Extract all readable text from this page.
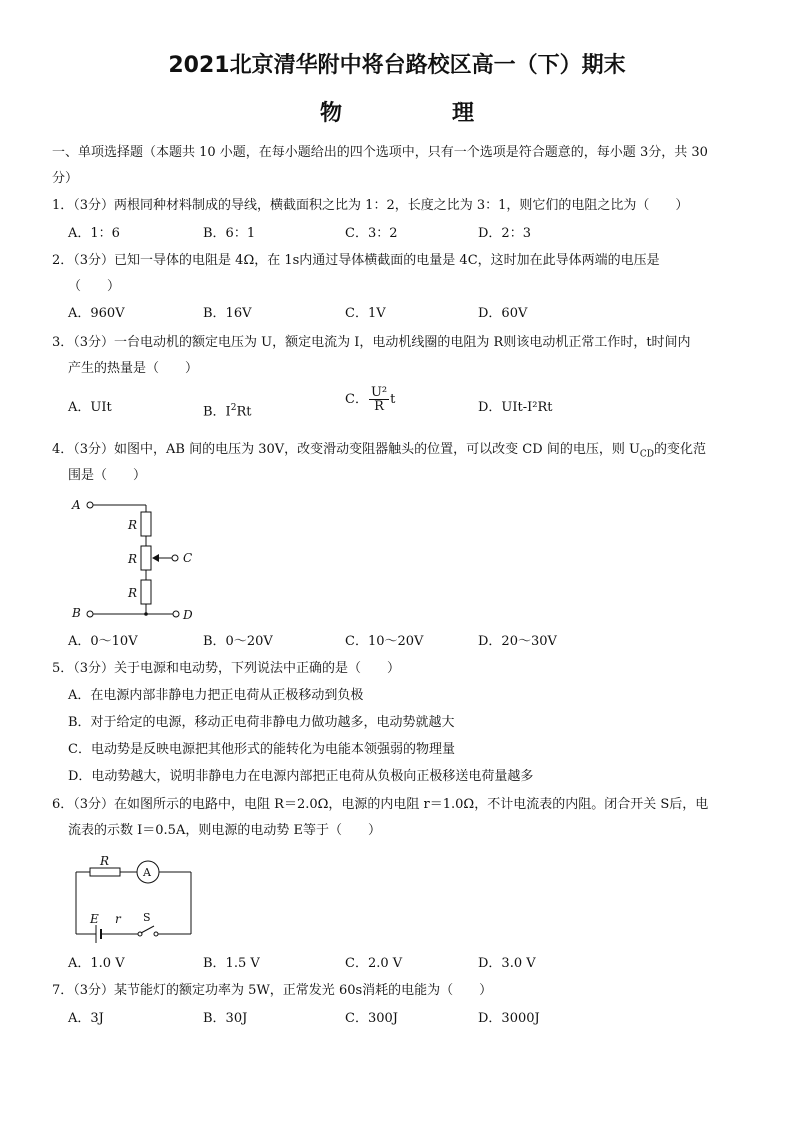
2021北京清华附中将台路校区高一（下）期末
物　理
一、单项选择题（本题共 10 小题，在每小题给出的四个选项中，只有一个选项是符合题意的，每小题 3分，共 30
分）
1．（3分）两根同种材料制成的导线，横截面积之比为 1：2，长度之比为 3：1，则它们的电阻之比为（　　）
A．1：6	B．6：1	C．3：2	D．2：3
2．（3分）已知一导体的电阻是 4Ω，在 1s内通过导体横截面的电量是 4C，这时加在此导体两端的电压是
（　　）
A．960V	B．16V	C．1V	D．60V
3．（3分）一台电动机的额定电压为 U，额定电流为 I，电动机线圈的电阻为 R则该电动机正常工作时，t时间内
产生的热量是（　　）
A．UIt	B．$I^2Rt$
C． $\frac{\text{U²}}{R}$ t
D．UIt-I²Rt
4．（3分）如图中，AB 间的电压为 30V，改变滑动变阻器触头的位置，可以改变 CD 间的电压，则 $U_{CD}$的变化范
围是（　　）
A
R
R	C
R
B	D
A．0～10V	B．0～20V	C．10～20V	D．20～30V
5．（3分）关于电源和电动势，下列说法中正确的是（　　）
A．在电源内部非静电力把正电荷从正极移动到负极
B．对于给定的电源，移动正电荷非静电力做功越多，电动势就越大
C．电动势是反映电源把其他形式的能转化为电能本领强弱的物理量
D．电动势越大，说明非静电力在电源内部把正电荷从负极向正极移送电荷量越多
6．（3分）在如图所示的电路中，电阻 R＝2.0Ω，电源的内电阻 r＝1.0Ω，不计电流表的内阻。闭合开关 S后，电
流表的示数 I＝0.5A，则电源的电动势 E等于（　　）
R
A
E r S
A．1.0 V	B．1.5 V	C．2.0 V	D．3.0 V
7．（3分）某节能灯的额定功率为 5W，正常发光 60s消耗的电能为（　　）
A．3J	B．30J	C．300J	D．3000J
